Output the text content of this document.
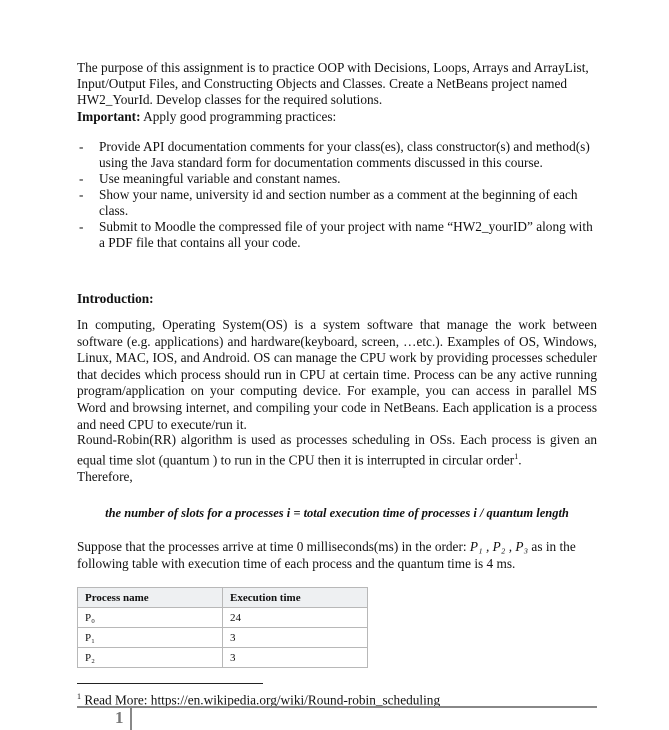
The purpose of this assignment is to practice OOP with Decisions, Loops, Arrays and ArrayList, Input/Output Files, and Constructing Objects and Classes. Create a NetBeans project named HW2_YourId. Develop classes for the required solutions.

Important: Apply good programming practices:

- Provide API documentation comments for your class(es), class constructor(s) and method(s) using the Java standard form for documentation comments discussed in this course.
- Use meaningful variable and constant names.
- Show your name, university id and section number as a comment at the beginning of each class.
- Submit to Moodle the compressed file of your project with name “HW2_yourID” along with a PDF file that contains all your code.

Introduction:

In computing, Operating System(OS) is a system software that manage the work between software (e.g. applications) and hardware(keyboard, screen, …etc.). Examples of OS, Windows, Linux, MAC, IOS, and Android. OS can manage the CPU work by providing processes scheduler that decides which process should run in CPU at certain time. Process can be any active running program/application on your computing device. For example, you can access in parallel MS Word and browsing internet, and compiling your code in NetBeans. Each application is a process and need CPU to execute/run it.

Round-Robin(RR) algorithm is used as processes scheduling in OSs. Each process is given an equal time slot (quantum ) to run in the CPU then it is interrupted in circular order$^1$.
Therefore,

the number of slots for a processes i = total execution time of processes i / quantum length

Suppose that the processes arrive at time 0 milliseconds(ms) in the order: P₁ , P₂ , P₃ as in the following table with execution time of each process and the quantum time is 4 ms.

Process name	Execution time
P₀	24
P₁	3
P₂	3

$^1$ Read More: https://en.wikipedia.org/wiki/Round-robin_scheduling

1
